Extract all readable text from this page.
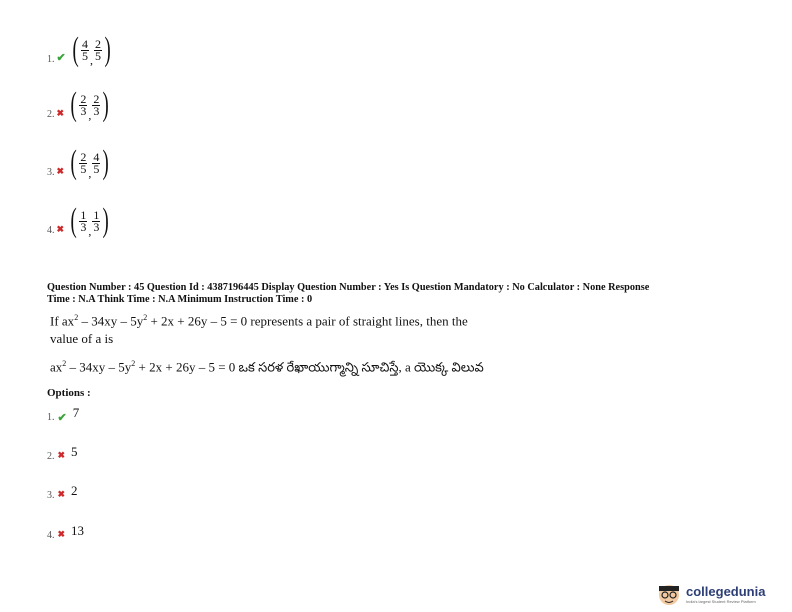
1. ✔ ( $\frac{4}{5}$ , $\frac{2}{5}$ )
2. ✖ ( $\frac{2}{3}$ , $\frac{2}{3}$ )
3. ✖ ( $\frac{2}{5}$ , $\frac{4}{5}$ )
4. ✖ ( $\frac{1}{3}$ , $\frac{1}{3}$ )
Question Number : 45 Question Id : 4387196445 Display Question Number : Yes Is Question Mandatory : No Calculator : None Response
Time : N.A Think Time : N.A Minimum Instruction Time : 0
If $ax^2 - 34xy - 5y^2 + 2x + 26y - 5 = 0$ represents a pair of straight lines, then the
value of a is
$ax^2 - 34xy - 5y^2 + 2x + 26y - 5 = 0$ ఒక సరళ రేఖాయుగ్మాన్ని సూచిస్తే, a యొక్క విలువ
Options :
1. ✔ 7
2. ✖ 5
3. ✖ 2
4. ✖ 13
collegedunia
India's largest Student Review Platform
